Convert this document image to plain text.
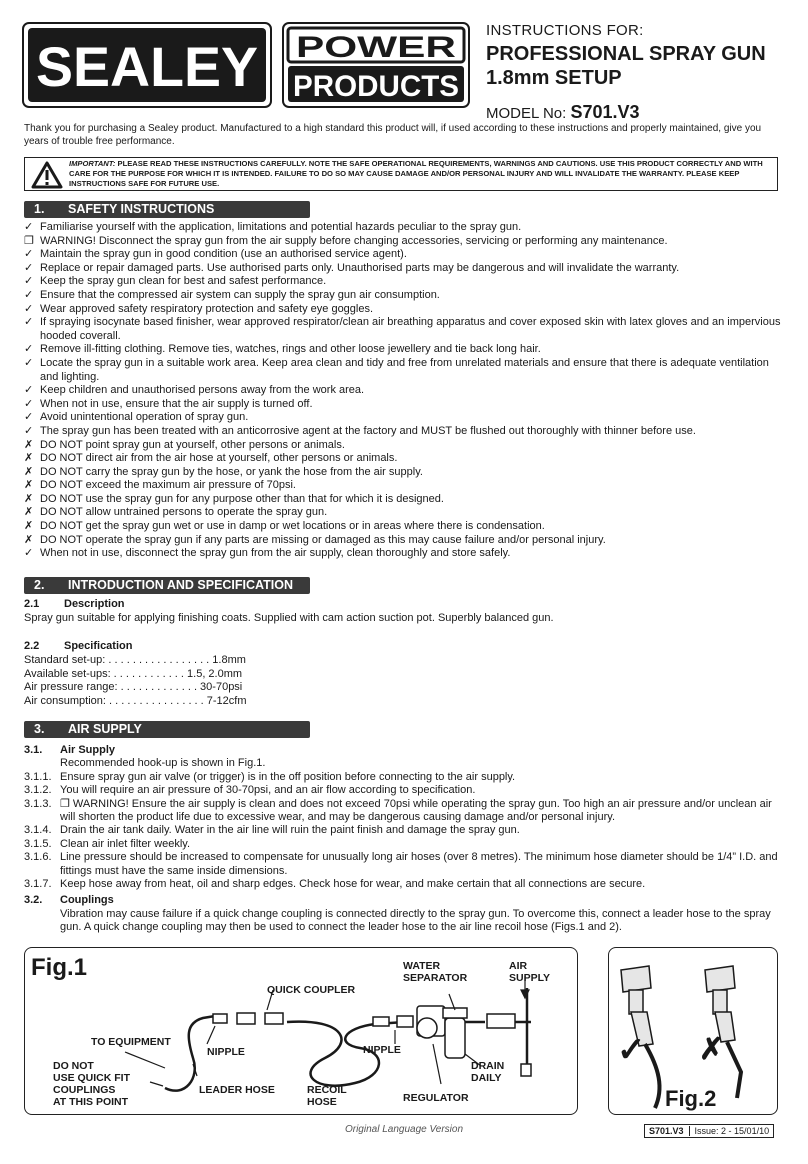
SEALEY POWER
PRODUCTS
INSTRUCTIONS FOR:
PROFESSIONAL SPRAY GUN
1.8mm SETUP
MODEL No: S701.V3
Thank you for purchasing a Sealey product. Manufactured to a high standard this product will, if used according to these instructions and properly maintained, give you years of trouble free performance.
IMPORTANT: PLEASE READ THESE INSTRUCTIONS CAREFULLY. NOTE THE SAFE OPERATIONAL REQUIREMENTS, WARNINGS AND CAUTIONS. USE THIS PRODUCT CORRECTLY AND WITH CARE FOR THE PURPOSE FOR WHICH IT IS INTENDED. FAILURE TO DO SO MAY CAUSE DAMAGE AND/OR PERSONAL INJURY AND WILL INVALIDATE THE WARRANTY. PLEASE KEEP INSTRUCTIONS SAFE FOR FUTURE USE.
1. SAFETY INSTRUCTIONS
✓ Familiarise yourself with the application, limitations and potential hazards peculiar to the spray gun.
❐ WARNING! Disconnect the spray gun from the air supply before changing accessories, servicing or performing any maintenance.
✓ Maintain the spray gun in good condition (use an authorised service agent).
✓ Replace or repair damaged parts. Use authorised parts only. Unauthorised parts may be dangerous and will invalidate the warranty.
✓ Keep the spray gun clean for best and safest performance.
✓ Ensure that the compressed air system can supply the spray gun air consumption.
✓ Wear approved safety respiratory protection and safety eye goggles.
✓ If spraying isocynate based finisher, wear approved respirator/clean air breathing apparatus and cover exposed skin with latex gloves and an impervious hooded coverall.
✓ Remove ill-fitting clothing. Remove ties, watches, rings and other loose jewellery and tie back long hair.
✓ Locate the spray gun in a suitable work area. Keep area clean and tidy and free from unrelated materials and ensure that there is adequate ventilation and lighting.
✓ Keep children and unauthorised persons away from the work area.
✓ When not in use, ensure that the air supply is turned off.
✓ Avoid unintentional operation of spray gun.
✓ The spray gun has been treated with an anticorrosive agent at the factory and MUST be flushed out thoroughly with thinner before use.
✗ DO NOT point spray gun at yourself, other persons or animals.
✗ DO NOT direct air from the air hose at yourself, other persons or animals.
✗ DO NOT carry the spray gun by the hose, or yank the hose from the air supply.
✗ DO NOT exceed the maximum air pressure of 70psi.
✗ DO NOT use the spray gun for any purpose other than that for which it is designed.
✗ DO NOT allow untrained persons to operate the spray gun.
✗ DO NOT get the spray gun wet or use in damp or wet locations or in areas where there is condensation.
✗ DO NOT operate the spray gun if any parts are missing or damaged as this may cause failure and/or personal injury.
✓ When not in use, disconnect the spray gun from the air supply, clean thoroughly and store safely.
2. INTRODUCTION AND SPECIFICATION
2.1 Description
Spray gun suitable for applying finishing coats. Supplied with cam action suction pot. Superbly balanced gun.
2.2 Specification
Standard set-up: . . . . . . . . . . . . . . . . . 1.8mm
Available set-ups: . . . . . . . . . . . . 1.5, 2.0mm
Air pressure range: . . . . . . . . . . . . . 30-70psi
Air consumption: . . . . . . . . . . . . . . . . 7-12cfm
3. AIR SUPPLY
3.1.	Air Supply
Recommended hook-up is shown in Fig.1.
3.1.1. Ensure spray gun air valve (or trigger) is in the off position before connecting to the air supply.
3.1.2. You will require an air pressure of 30-70psi, and an air flow according to specification.
3.1.3. ❐ WARNING! Ensure the air supply is clean and does not exceed 70psi while operating the spray gun. Too high an air pressure and/or unclean air will shorten the product life due to excessive wear, and may be dangerous causing damage and/or personal injury.
3.1.4. Drain the air tank daily. Water in the air line will ruin the paint finish and damage the spray gun.
3.1.5. Clean air inlet filter weekly.
3.1.6. Line pressure should be increased to compensate for unusually long air hoses (over 8 metres). The minimum hose diameter should be 1/4” I.D. and fittings must have the same inside dimensions.
3.1.7. Keep hose away from heat, oil and sharp edges. Check hose for wear, and make certain that all connections are secure.
3.2.	Couplings
Vibration may cause failure if a quick change coupling is connected directly to the spray gun. To overcome this, connect a leader hose to the spray gun. A quick change coupling may then be used to connect the leader hose to the air line recoil hose (Figs.1 and 2).
Fig.1
TO EQUIPMENT
DO NOT
USE QUICK FIT
COUPLINGS
AT THIS POINT
NIPPLE
LEADER HOSE
QUICK COUPLER
RECOIL
HOSE
NIPPLE
WATER
SEPARATOR
REGULATOR
AIR
SUPPLY
DRAIN
DAILY
✓ ✗
Fig.2
Original Language Version	S701.V3 Issue: 2 - 15/01/10
